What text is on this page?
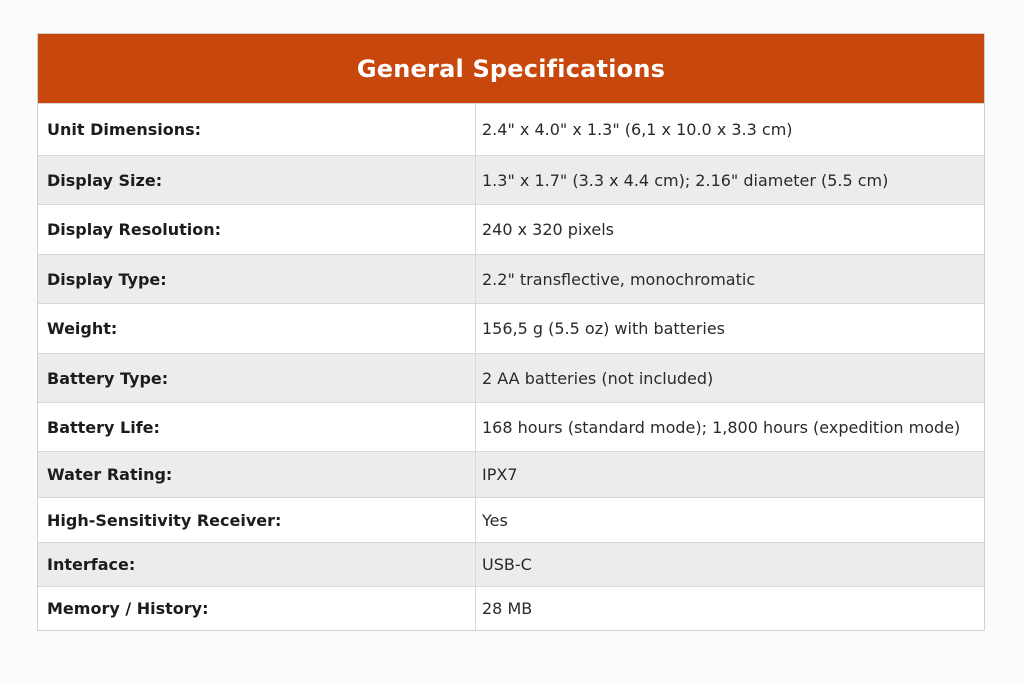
General Specifications
Unit Dimensions:	2.4" x 4.0" x 1.3" (6,1 x 10.0 x 3.3 cm)
Display Size:	1.3" x 1.7" (3.3 x 4.4 cm); 2.16" diameter (5.5 cm)
Display Resolution:	240 x 320 pixels
Display Type:	2.2" transflective, monochromatic
Weight:	156,5 g (5.5 oz) with batteries
Battery Type:	2 AA batteries (not included)
Battery Life:	168 hours (standard mode); 1,800 hours (expedition mode)
Water Rating:	IPX7
High-Sensitivity Receiver:	Yes
Interface:	USB-C
Memory / History:	28 MB
